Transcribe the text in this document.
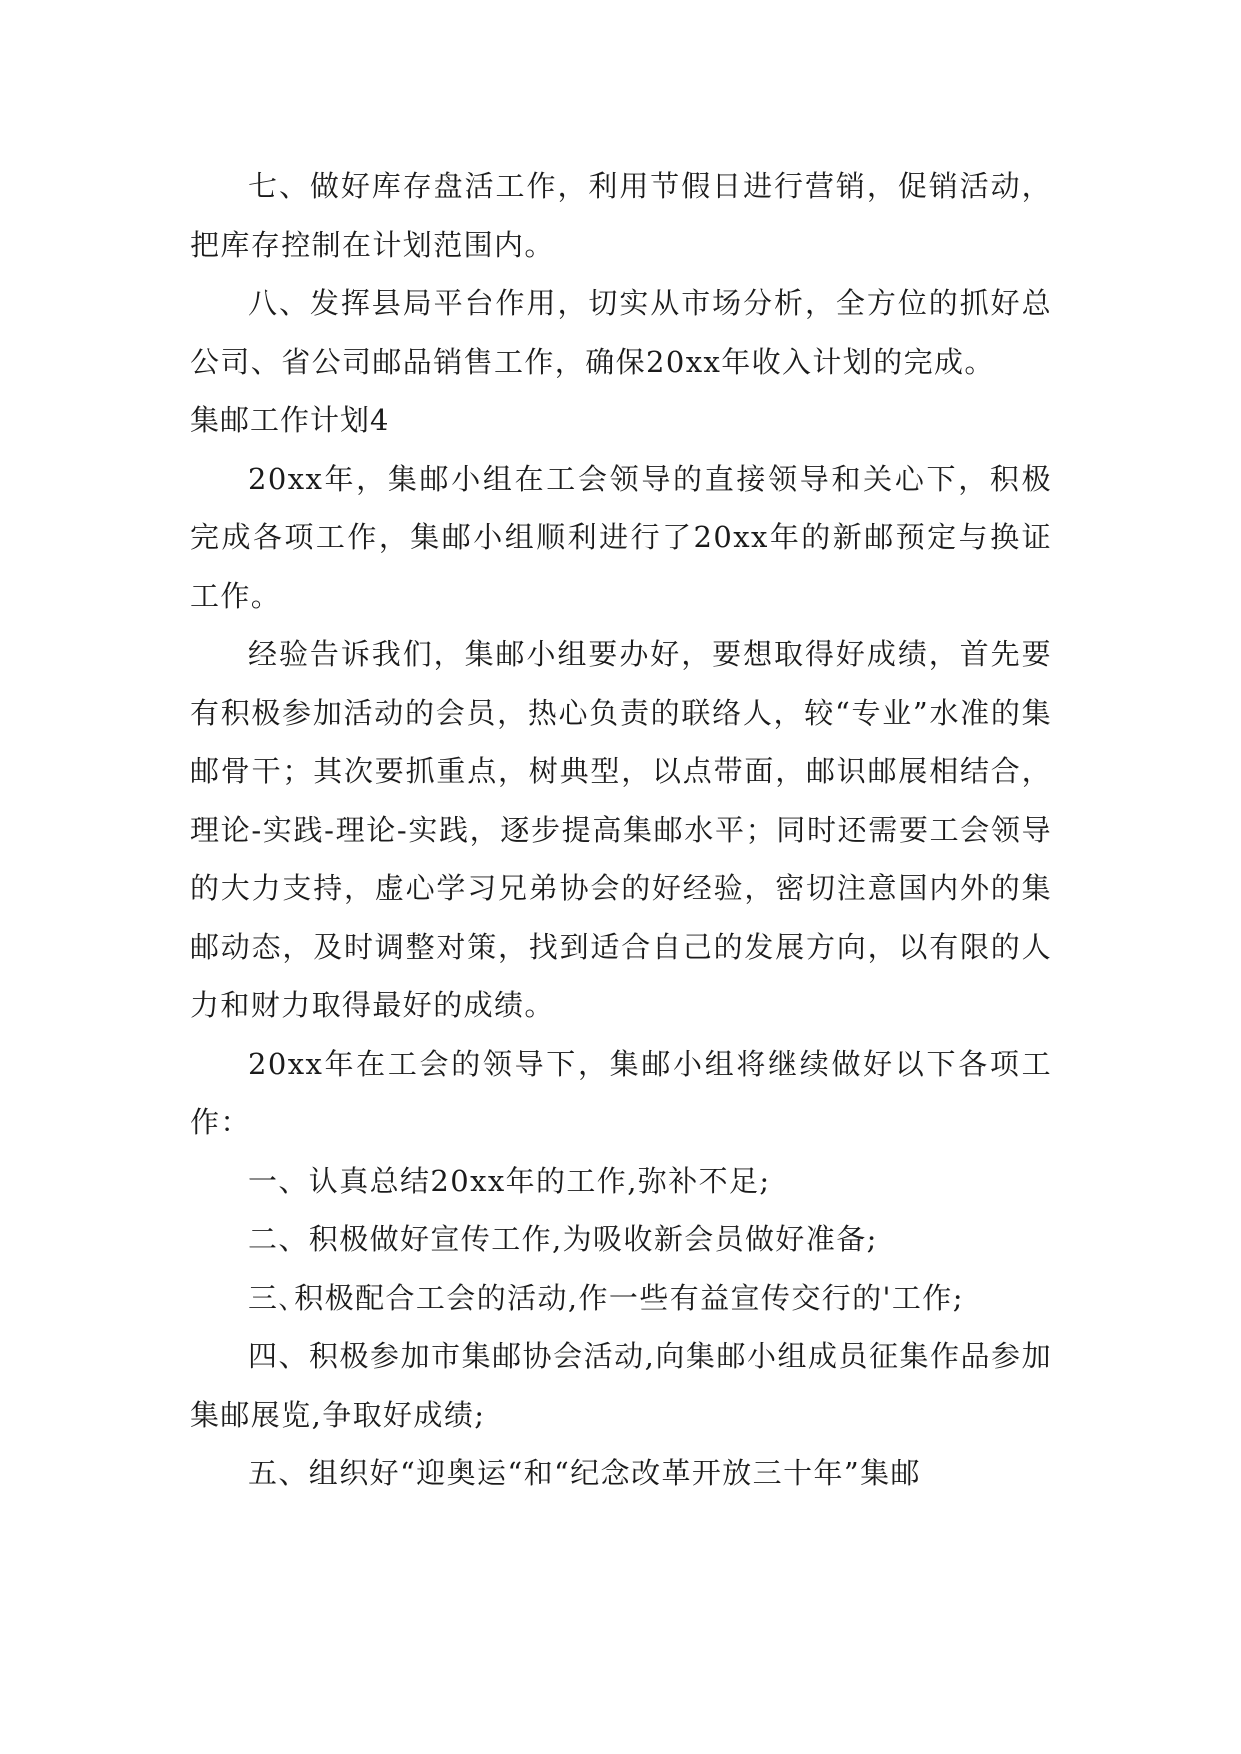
七、做好库存盘活工作，利用节假日进行营销，促销活动，把库存控制在计划范围内。

八、发挥县局平台作用，切实从市场分析，全方位的抓好总公司、省公司邮品销售工作，确保20xx年收入计划的完成。

集邮工作计划4

20xx年，集邮小组在工会领导的直接领导和关心下，积极完成各项工作，集邮小组顺利进行了20xx年的新邮预定与换证工作。

经验告诉我们，集邮小组要办好，要想取得好成绩，首先要有积极参加活动的会员，热心负责的联络人，较“专业”水准的集邮骨干；其次要抓重点，树典型，以点带面，邮识邮展相结合，理论-实践-理论-实践，逐步提高集邮水平；同时还需要工会领导的大力支持，虚心学习兄弟协会的好经验，密切注意国内外的集邮动态，及时调整对策，找到适合自己的发展方向，以有限的人力和财力取得最好的成绩。

20xx年在工会的领导下，集邮小组将继续做好以下各项工作：

一、认真总结20xx年的工作,弥补不足;

二、积极做好宣传工作,为吸收新会员做好准备;

三､积极配合工会的活动,作一些有益宣传交行的'工作;

四、积极参加市集邮协会活动,向集邮小组成员征集作品参加集邮展览,争取好成绩;

五、组织好“迎奥运“和“纪念改革开放三十年”集邮
